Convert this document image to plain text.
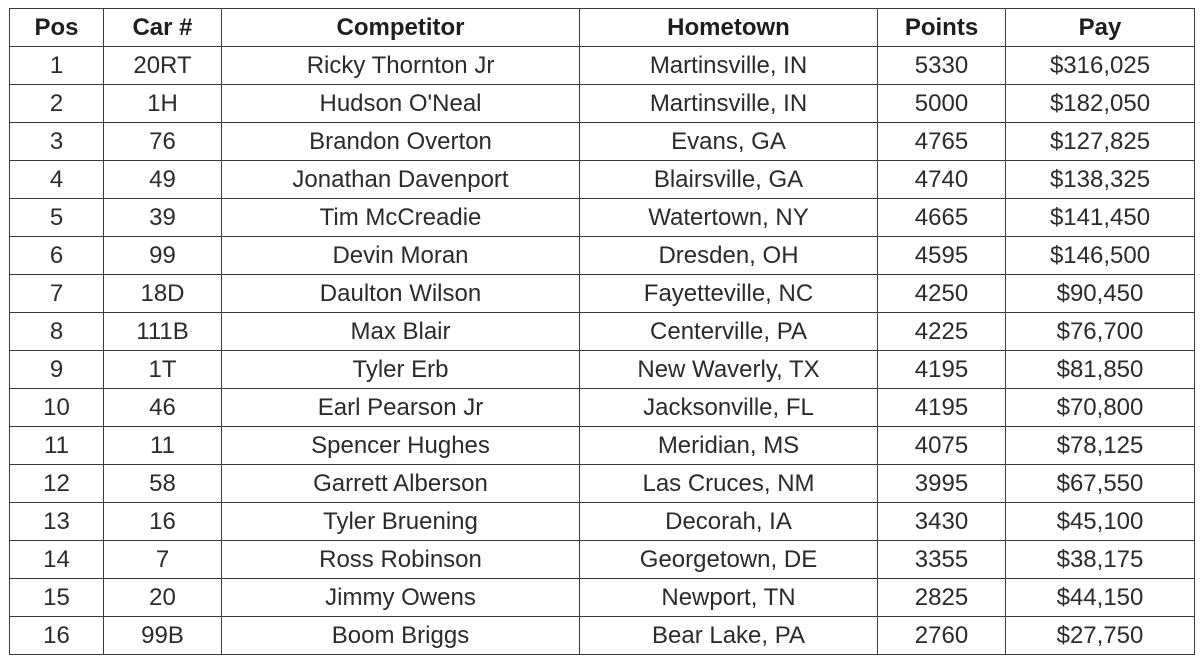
Pos	Car #	Competitor	Hometown	Points	Pay
1	20RT	Ricky Thornton Jr	Martinsville, IN	5330	$316,025
2	1H	Hudson O'Neal	Martinsville, IN	5000	$182,050
3	76	Brandon Overton	Evans, GA	4765	$127,825
4	49	Jonathan Davenport	Blairsville, GA	4740	$138,325
5	39	Tim McCreadie	Watertown, NY	4665	$141,450
6	99	Devin Moran	Dresden, OH	4595	$146,500
7	18D	Daulton Wilson	Fayetteville, NC	4250	$90,450
8	111B	Max Blair	Centerville, PA	4225	$76,700
9	1T	Tyler Erb	New Waverly, TX	4195	$81,850
10	46	Earl Pearson Jr	Jacksonville, FL	4195	$70,800
11	11	Spencer Hughes	Meridian, MS	4075	$78,125
12	58	Garrett Alberson	Las Cruces, NM	3995	$67,550
13	16	Tyler Bruening	Decorah, IA	3430	$45,100
14	7	Ross Robinson	Georgetown, DE	3355	$38,175
15	20	Jimmy Owens	Newport, TN	2825	$44,150
16	99B	Boom Briggs	Bear Lake, PA	2760	$27,750
